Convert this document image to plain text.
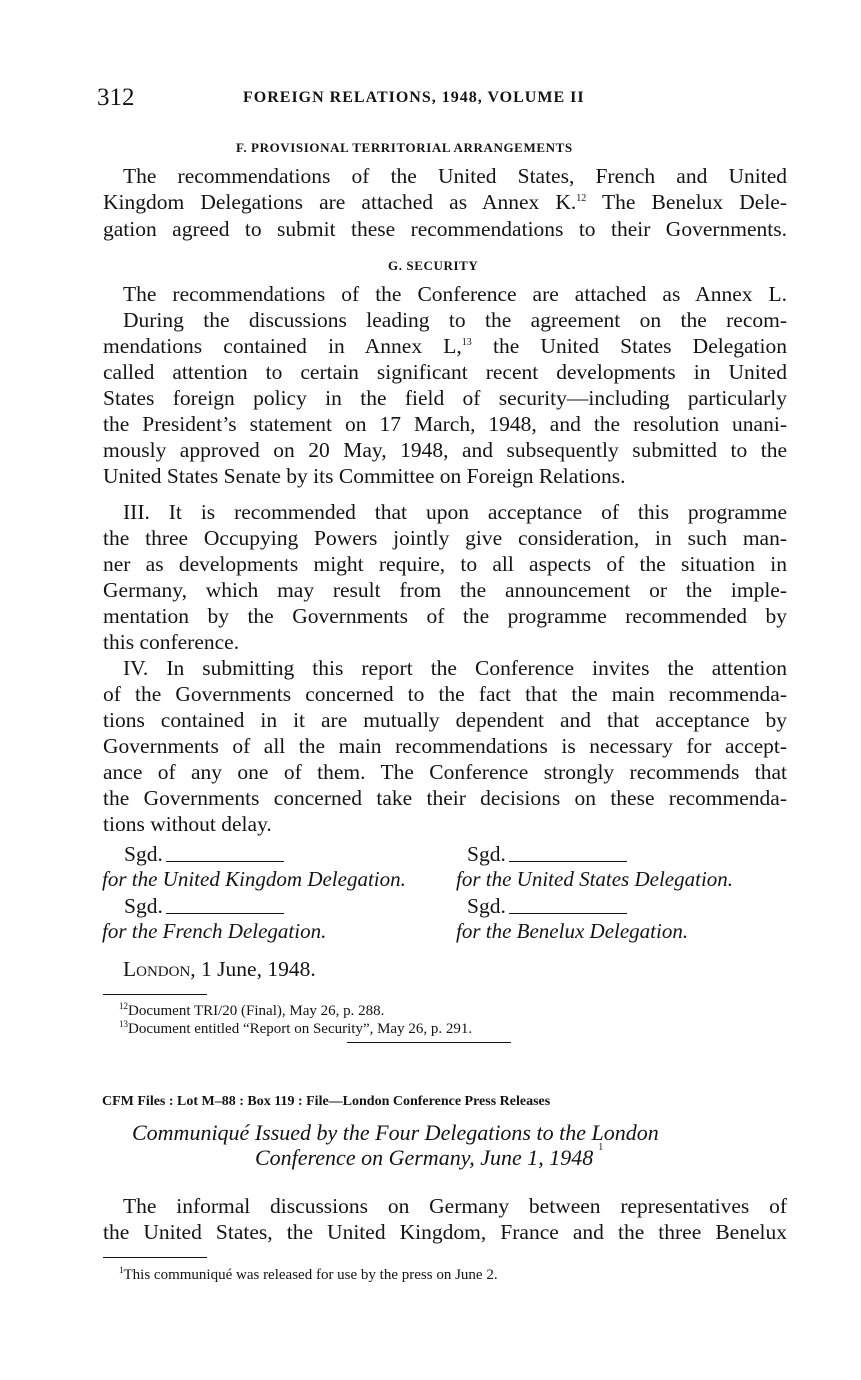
312	FOREIGN RELATIONS, 1948, VOLUME II
F. PROVISIONAL TERRITORIAL ARRANGEMENTS
The recommendations of the United States, French and United
Kingdom Delegations are attached as Annex K.$^{12}$ The Benelux Dele-
gation agreed to submit these recommendations to their Governments.
G. SECURITY
The recommendations of the Conference are attached as Annex L.
During the discussions leading to the agreement on the recom-
mendations contained in Annex L,$^{13}$ the United States Delegation
called attention to certain significant recent developments in United
States foreign policy in the field of security—including particularly
the President’s statement on 17 March, 1948, and the resolution unani-
mously approved on 20 May, 1948, and subsequently submitted to the
United States Senate by its Committee on Foreign Relations.
III. It is recommended that upon acceptance of this programme
the three Occupying Powers jointly give consideration, in such man-
ner as developments might require, to all aspects of the situation in
Germany, which may result from the announcement or the imple-
mentation by the Governments of the programme recommended by
this conference.
IV. In submitting this report the Conference invites the attention
of the Governments concerned to the fact that the main recommenda-
tions contained in it are mutually dependent and that acceptance by
Governments of all the main recommendations is necessary for accept-
ance of any one of them. The Conference strongly recommends that
the Governments concerned take their decisions on these recommenda-
tions without delay.
Sgd.	Sgd.
for the United Kingdom Delegation. for the United States Delegation.
Sgd.	Sgd.
for the French Delegation.	for the Benelux Delegation.
London, 1 June, 1948.
$^{12}$Document TRI/20 (Final), May 26, p. 288.
$^{13}$Document entitled “Report on Security”, May 26, p. 291.
CFM Files : Lot M–88 : Box 119 : File—London Conference Press Releases
Communiqué Issued by the Four Delegations to the London
Conference on Germany, June 1, 1948 $^1$
The informal discussions on Germany between representatives of
the United States, the United Kingdom, France and the three Benelux
$^1$This communiqué was released for use by the press on June 2.
